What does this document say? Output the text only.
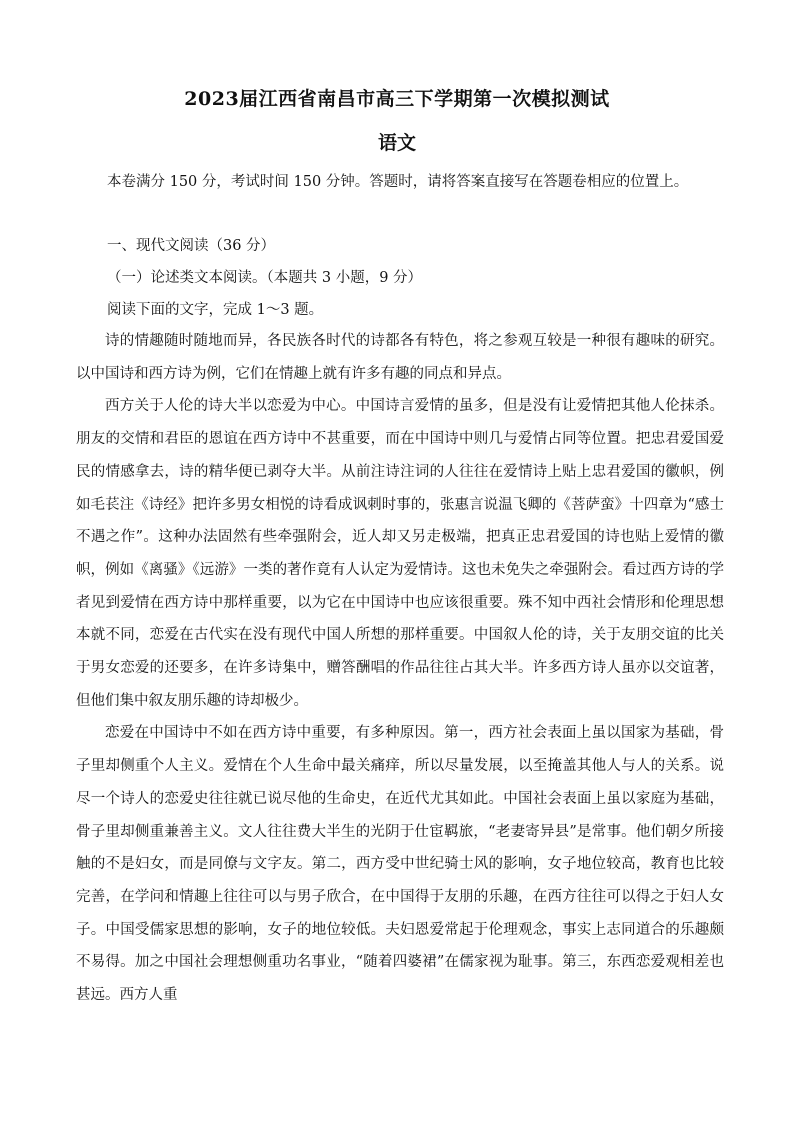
2023届江西省南昌市高三下学期第一次模拟测试
语文
本卷满分 150 分，考试时间 150 分钟。答题时，请将答案直接写在答题卷相应的位置上。
一、现代文阅读（36 分）
（一）论述类文本阅读。（本题共 3 小题，9 分）
阅读下面的文字，完成 1～3 题。

诗的情趣随时随地而异，各民族各时代的诗都各有特色，将之参观互较是一种很有趣味的研究。以中国诗和西方诗为例，它们在情趣上就有许多有趣的同点和异点。

西方关于人伦的诗大半以恋爱为中心。中国诗言爱情的虽多，但是没有让爱情把其他人伦抹杀。朋友的交情和君臣的恩谊在西方诗中不甚重要，而在中国诗中则几与爱情占同等位置。把忠君爱国爱民的情感拿去，诗的精华便已剥夺大半。从前注诗注词的人往往在爱情诗上贴上忠君爱国的徽帜，例如毛苌注《诗经》把许多男女相悦的诗看成讽刺时事的，张惠言说温飞卿的《菩萨蛮》十四章为“感士不遇之作”。这种办法固然有些牵强附会，近人却又另走极端，把真正忠君爱国的诗也贴上爱情的徽帜，例如《离骚》《远游》一类的著作竟有人认定为爱情诗。这也未免失之牵强附会。看过西方诗的学者见到爱情在西方诗中那样重要，以为它在中国诗中也应该很重要。殊不知中西社会情形和伦理思想本就不同，恋爱在古代实在没有现代中国人所想的那样重要。中国叙人伦的诗，关于友朋交谊的比关于男女恋爱的还要多，在许多诗集中，赠答酬唱的作品往往占其大半。许多西方诗人虽亦以交谊著，但他们集中叙友朋乐趣的诗却极少。

恋爱在中国诗中不如在西方诗中重要，有多种原因。第一，西方社会表面上虽以国家为基础，骨子里却侧重个人主义。爱情在个人生命中最关痛痒，所以尽量发展，以至掩盖其他人与人的关系。说尽一个诗人的恋爱史往往就已说尽他的生命史，在近代尤其如此。中国社会表面上虽以家庭为基础，骨子里却侧重兼善主义。文人往往费大半生的光阴于仕宦羁旅，“老妻寄异县”是常事。他们朝夕所接触的不是妇女，而是同僚与文字友。第二，西方受中世纪骑士风的影响，女子地位较高，教育也比较完善，在学问和情趣上往往可以与男子欣合，在中国得于友朋的乐趣，在西方往往可以得之于妇人女子。中国受儒家思想的影响，女子的地位较低。夫妇恩爱常起于伦理观念，事实上志同道合的乐趣颇不易得。加之中国社会理想侧重功名事业，“随着四婆裙”在儒家视为耻事。第三，东西恋爱观相差也甚远。西方人重
